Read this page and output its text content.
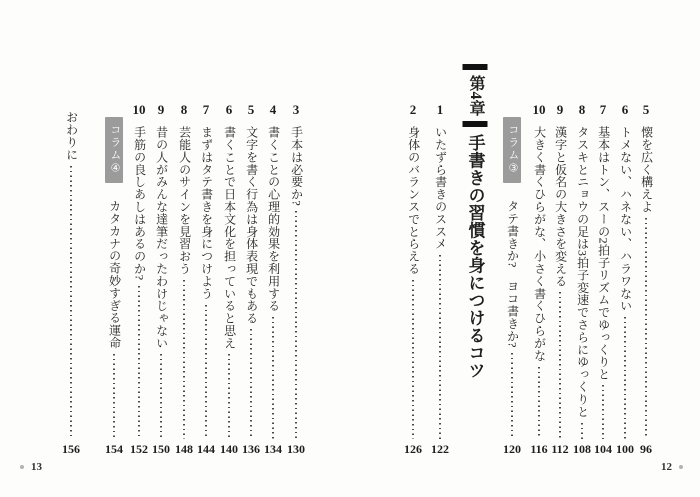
5
懐を広く構えよ
96
6
トメない、ハネない、ハラワない
100
7
基本はトン、スーの2拍子リズムでゆっくりと
104
8
タスキとニョウの足は3拍子変速でさらにゆっくりと
108
9
漢字と仮名の大きさを変える
112
10
大きく書くひらがな、小さく書くひらがな
116
コラム③
タテ書きか?　ヨコ書きか?
120
第4章
手書きの習慣を身につけるコツ
1
いたずら書きのススメ
122
2
身体のバランスでとらえる
126
3
手本は必要か?
130
4
書くことの心理的効果を利用する
134
5
文字を書く行為は身体表現でもある
136
6
書くことで日本文化を担っていると思え
140
7
まずはタテ書きを身につけよう
144
8
芸能人のサインを見習おう
148
9
昔の人がみんな達筆だったわけじゃない
150
10
手筋の良しあしはあるのか?
152
コラム④
カタカナの奇妙すぎる運命
154
おわりに
156
13	12
